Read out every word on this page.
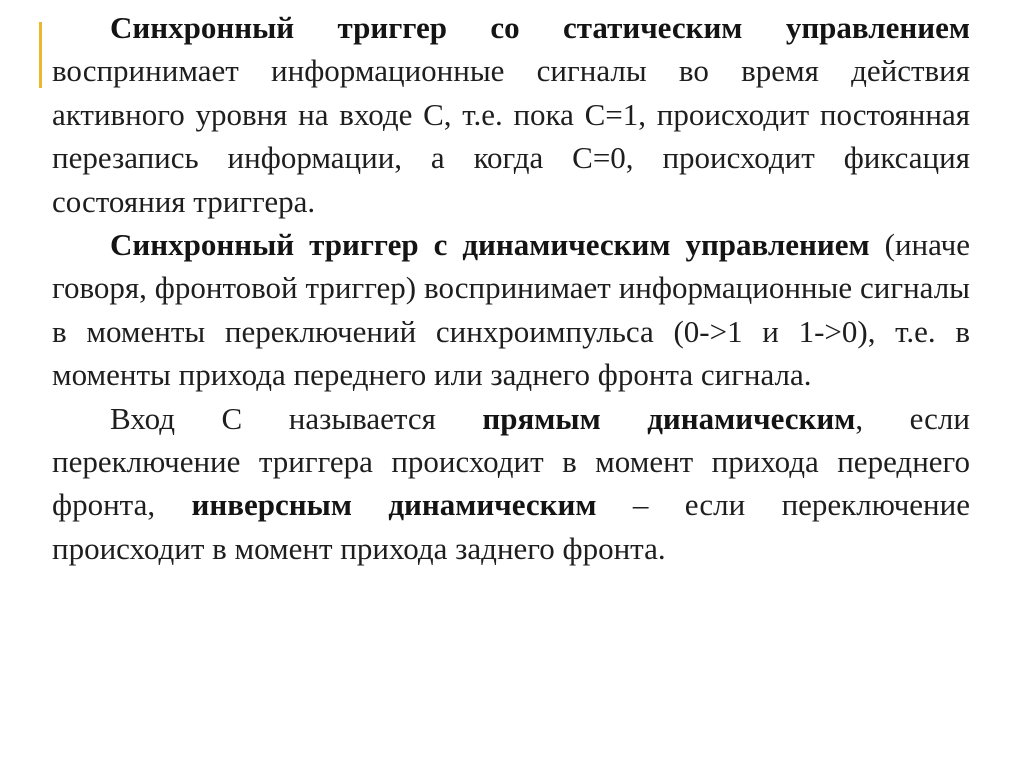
Синхронный триггер со статическим управлением воспринимает информационные сигналы во время действия активного уровня на входе С, т.е. пока С=1, происходит постоянная перезапись информации, а когда С=0, происходит фиксация состояния триггера.

Синхронный триггер с динамическим управлением (иначе говоря, фронтовой триггер) воспринимает информационные сигналы в моменты переключений синхроимпульса (0->1 и 1->0), т.е. в моменты прихода переднего или заднего фронта сигнала.

Вход С называется прямым динамическим, если переключение триггера происходит в момент прихода переднего фронта, инверсным динамическим – если переключение происходит в момент прихода заднего фронта.
